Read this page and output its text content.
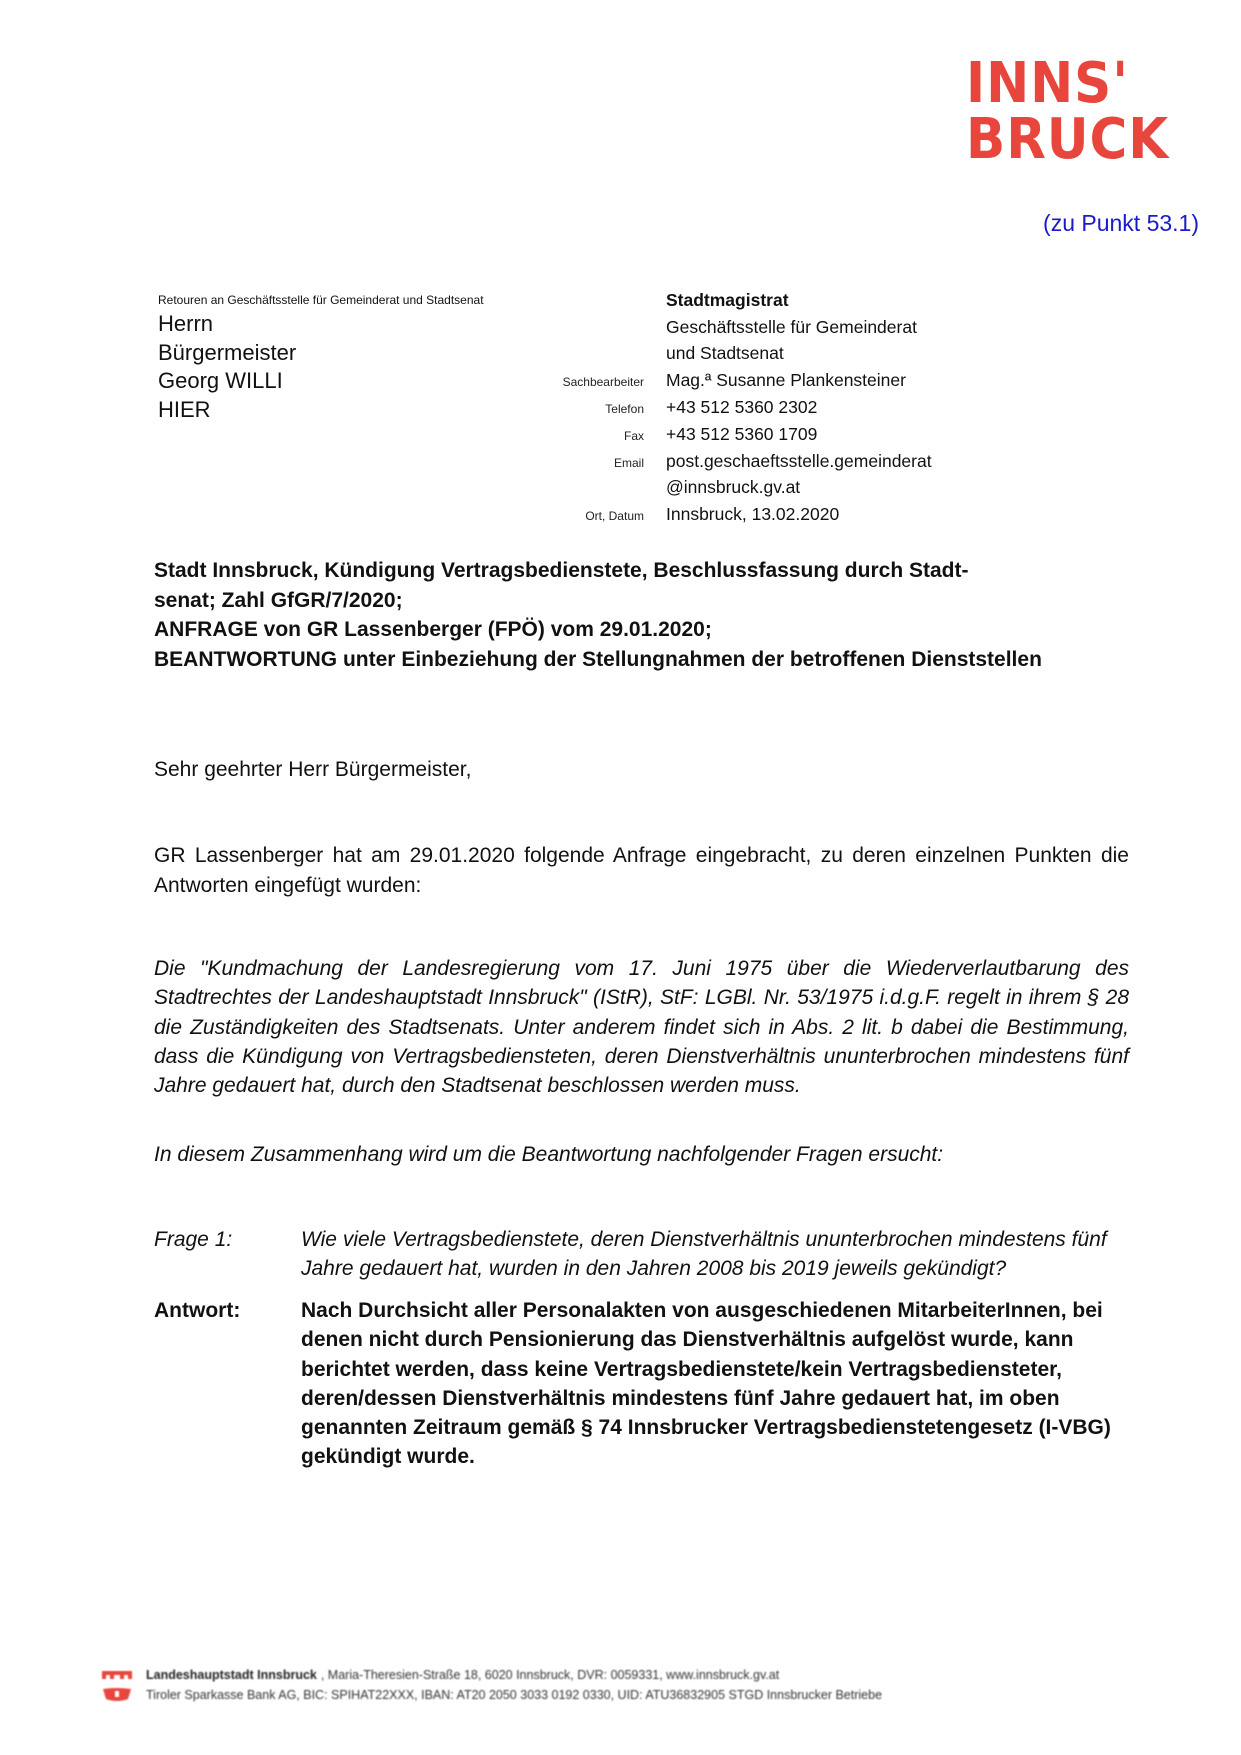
INNS'
BRUCK
(zu Punkt 53.1)
Retouren an Geschäftsstelle für Gemeinderat und Stadtsenat
Herrn
Bürgermeister
Georg WILLI
HIER
Stadtmagistrat
Geschäftsstelle für Gemeinderat
und Stadtsenat
Sachbearbeiter	Mag.ª Susanne Plankensteiner
Telefon	+43 512 5360 2302
Fax	+43 512 5360 1709
Email	post.geschaeftsstelle.gemeinderat
@innsbruck.gv.at
Ort, Datum	Innsbruck, 13.02.2020
Stadt Innsbruck, Kündigung Vertragsbedienstete, Beschlussfassung durch Stadt-
senat; Zahl GfGR/7/2020;
ANFRAGE von GR Lassenberger (FPÖ) vom 29.01.2020;
BEANTWORTUNG unter Einbeziehung der Stellungnahmen der betroffenen Dienststellen
Sehr geehrter Herr Bürgermeister,
GR Lassenberger hat am 29.01.2020 folgende Anfrage eingebracht, zu deren einzelnen Punkten die Antworten eingefügt wurden:
Die "Kundmachung der Landesregierung vom 17. Juni 1975 über die Wiederverlautbarung des Stadtrechtes der Landeshauptstadt Innsbruck" (IStR), StF: LGBl. Nr. 53/1975 i.d.g.F. regelt in ihrem § 28 die Zuständigkeiten des Stadtsenats. Unter anderem findet sich in Abs. 2 lit. b dabei die Bestimmung, dass die Kündigung von Vertragsbediensteten, deren Dienstverhältnis ununterbrochen mindestens fünf Jahre gedauert hat, durch den Stadtsenat beschlossen werden muss.
In diesem Zusammenhang wird um die Beantwortung nachfolgender Fragen ersucht:
Frage 1:	Wie viele Vertragsbedienstete, deren Dienstverhältnis ununterbrochen mindestens fünf Jahre gedauert hat, wurden in den Jahren 2008 bis 2019 jeweils gekündigt?
Antwort:	Nach Durchsicht aller Personalakten von ausgeschiedenen MitarbeiterInnen, bei denen nicht durch Pensionierung das Dienstverhältnis aufgelöst wurde, kann berichtet werden, dass keine Vertragsbedienstete/kein Vertragsbediensteter, deren/dessen Dienstverhältnis mindestens fünf Jahre gedauert hat, im oben genannten Zeitraum gemäß § 74 Innsbrucker Vertragsbedienstetengesetz (I-VBG) gekündigt wurde.
Landeshauptstadt Innsbruck , Maria-Theresien-Straße 18, 6020 Innsbruck, DVR: 0059331, www.innsbruck.gv.at
Tiroler Sparkasse Bank AG, BIC: SPIHAT22XXX, IBAN: AT20 2050 3033 0192 0330, UID: ATU36832905 STGD Innsbrucker Betriebe
